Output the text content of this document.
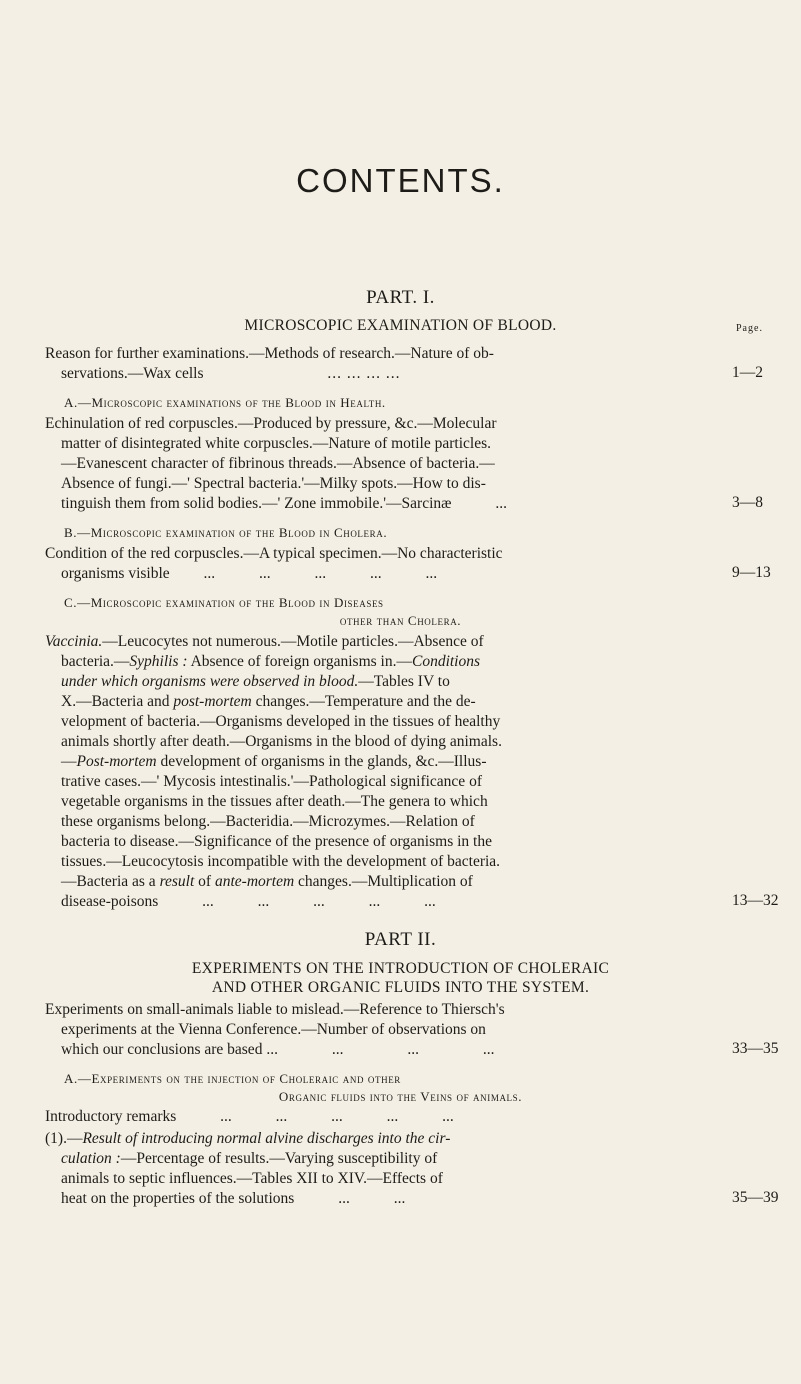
CONTENTS.
PART. I.
MICROSCOPIC EXAMINATION OF BLOOD.	Page.
Reason for further examinations.—Methods of research.—Nature of ob-
servations.—Wax cells	... ... ... ...	1—2
A.—Microscopic examinations of the Blood in Health.
Echinulation of red corpuscles.—Produced by pressure, &c.—Molecular
matter of disintegrated white corpuscles.—Nature of motile particles.
—Evanescent character of fibrinous threads.—Absence of bacteria.—
Absence of fungi.—' Spectral bacteria.'—Milky spots.—How to dis-
tinguish them from solid bodies.—' Zone immobile.'—Sarcinæ	...	3—8
B.—Microscopic examination of the Blood in Cholera.
Condition of the red corpuscles.—A typical specimen.—No characteristic
organisms visible ... ... ... ... ...	9—13
C.—Microscopic examination of the Blood in Diseases
other than Cholera.
Vaccinia.—Leucocytes not numerous.—Motile particles.—Absence of
bacteria.—Syphilis : Absence of foreign organisms in.—Conditions
under which organisms were observed in blood.—Tables IV to
X.—Bacteria and post-mortem changes.—Temperature and the de-
velopment of bacteria.—Organisms developed in the tissues of healthy
animals shortly after death.—Organisms in the blood of dying animals.
—Post-mortem development of organisms in the glands, &c.—Illus-
trative cases.—' Mycosis intestinalis.'—Pathological significance of
vegetable organisms in the tissues after death.—The genera to which
these organisms belong.—Bacteridia.—Microzymes.—Relation of
bacteria to disease.—Significance of the presence of organisms in the
tissues.—Leucocytosis incompatible with the development of bacteria.
—Bacteria as a result of ante-mortem changes.—Multiplication of
disease-poisons	... ... ... ... ...	13—32
PART II.
EXPERIMENTS ON THE INTRODUCTION OF CHOLERAIC
AND OTHER ORGANIC FLUIDS INTO THE SYSTEM.
Experiments on small-animals liable to mislead.—Reference to Thiersch's
experiments at the Vienna Conference.—Number of observations on
which our conclusions are based ...	... ... ...	33—35
A.—Experiments on the injection of Choleraic and other
Organic fluids into the Veins of animals.
Introductory remarks	... ... ... ... ...
(1).—Result of introducing normal alvine discharges into the cir-
culation :—Percentage of results.—Varying susceptibility of
animals to septic influences.—Tables XII to XIV.—Effects of
heat on the properties of the solutions	... ...	35—39
